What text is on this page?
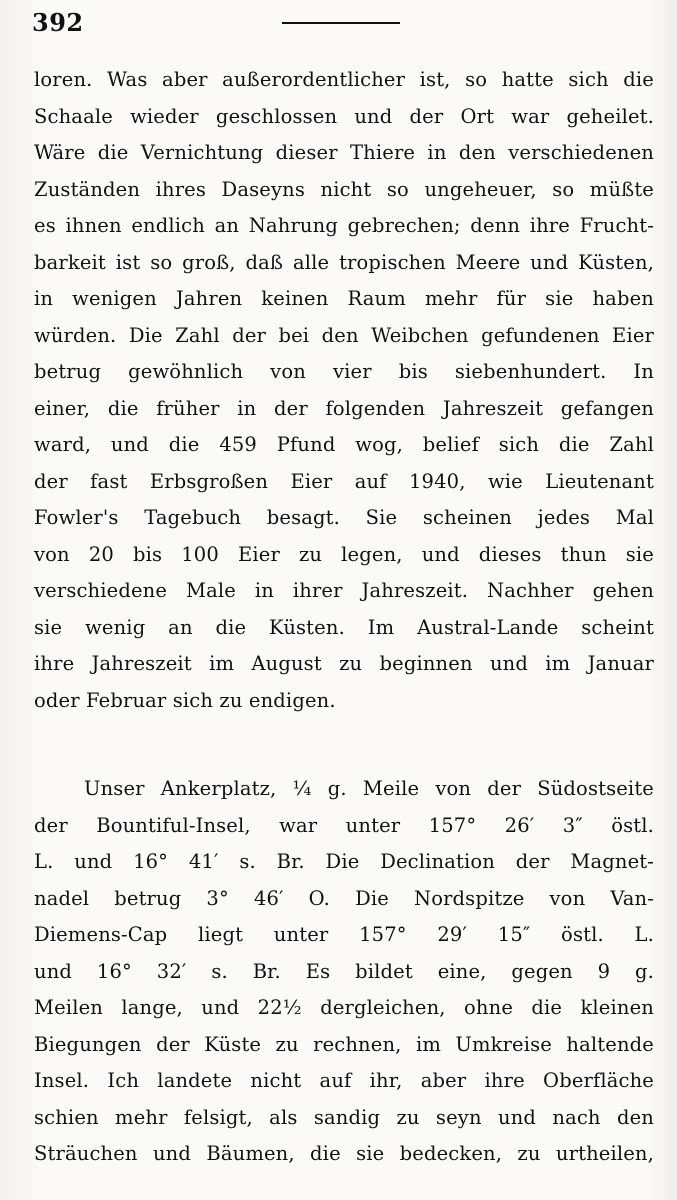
392
loren. Was aber außerordentlicher ist, so hatte sich die
Schaale wieder geschlossen und der Ort war geheilet.
Wäre die Vernichtung dieser Thiere in den verschiedenen
Zuständen ihres Daseyns nicht so ungeheuer, so müßte
es ihnen endlich an Nahrung gebrechen; denn ihre Frucht-
barkeit ist so groß, daß alle tropischen Meere und Küsten,
in wenigen Jahren keinen Raum mehr für sie haben
würden. Die Zahl der bei den Weibchen gefundenen Eier
betrug gewöhnlich von vier bis siebenhundert. In
einer, die früher in der folgenden Jahreszeit gefangen
ward, und die 459 Pfund wog, belief sich die Zahl
der fast Erbsgroßen Eier auf 1940, wie Lieutenant
Fowler's Tagebuch besagt. Sie scheinen jedes Mal
von 20 bis 100 Eier zu legen, und dieses thun sie
verschiedene Male in ihrer Jahreszeit. Nachher gehen
sie wenig an die Küsten. Im Austral-Lande scheint
ihre Jahreszeit im August zu beginnen und im Januar
oder Februar sich zu endigen.
Unser Ankerplatz, ¼ g. Meile von der Südostseite
der Bountiful-Insel, war unter 157° 26′ 3″ östl.
L. und 16° 41′ s. Br. Die Declination der Magnet-
nadel betrug 3° 46′ O. Die Nordspitze von Van-
Diemens-Cap liegt unter 157° 29′ 15″ östl. L.
und 16° 32′ s. Br. Es bildet eine, gegen 9 g.
Meilen lange, und 22½ dergleichen, ohne die kleinen
Biegungen der Küste zu rechnen, im Umkreise haltende
Insel. Ich landete nicht auf ihr, aber ihre Oberfläche
schien mehr felsigt, als sandig zu seyn und nach den
Sträuchen und Bäumen, die sie bedecken, zu urtheilen,
